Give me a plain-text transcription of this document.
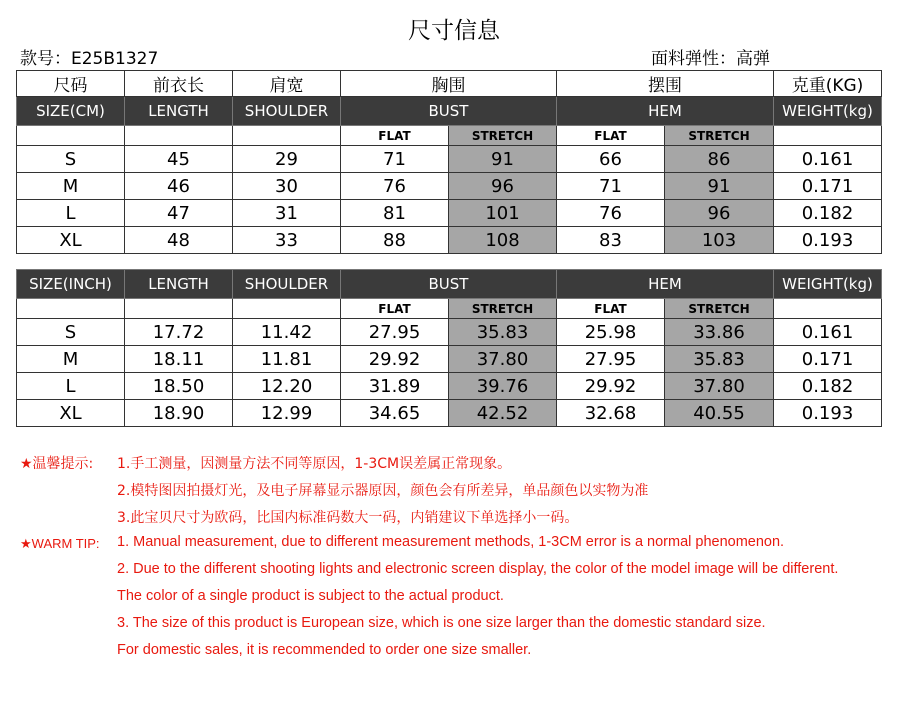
尺寸信息
款号：E25B1327	面料弹性：高弹
尺码	前衣长	肩宽	胸围		摆围		克重(KG)
SIZE(CM)	LENGTH	SHOULDER	BUST		HEM		WEIGHT(kg)
			FLAT	STRETCH	FLAT	STRETCH	
S	45	29	71	91	66	86	0.161
M	46	30	76	96	71	91	0.171
L	47	31	81	101	76	96	0.182
XL	48	33	88	108	83	103	0.193
SIZE(INCH)	LENGTH	SHOULDER	BUST		HEM		WEIGHT(kg)
			FLAT	STRETCH	FLAT	STRETCH	
S	17.72	11.42	27.95	35.83	25.98	33.86	0.161
M	18.11	11.81	29.92	37.80	27.95	35.83	0.171
L	18.50	12.20	31.89	39.76	29.92	37.80	0.182
XL	18.90	12.99	34.65	42.52	32.68	40.55	0.193
★温馨提示: 1.手工测量，因测量方法不同等原因，1-3CM误差属正常现象。
2.模特图因拍摄灯光，及电子屏幕显示器原因，颜色会有所差异，单品颜色以实物为准
3.此宝贝尺寸为欧码，比国内标准码数大一码，内销建议下单选择小一码。
★WARM TIP: 1. Manual measurement, due to different measurement methods, 1-3CM error is a normal phenomenon.
2. Due to the different shooting lights and electronic screen display, the color of the model image will be different.
The color of a single product is subject to the actual product.
3. The size of this product is European size, which is one size larger than the domestic standard size.
For domestic sales, it is recommended to order one size smaller.
